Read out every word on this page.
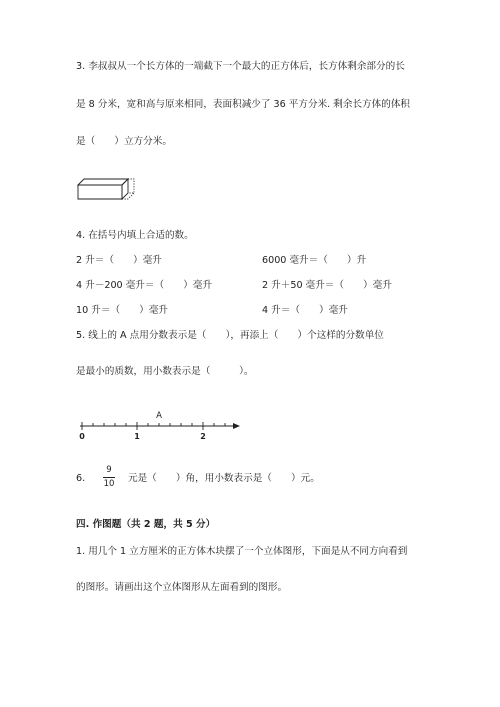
3. 李叔叔从一个长方体的一端截下一个最大的正方体后，长方体剩余部分的长
是 8 分米，宽和高与原来相同，表面积减少了 36 平方分米. 剩余长方体的体积
是（　　）立方分米。
4. 在括号内填上合适的数。
2 升＝（　　）毫升	6000 毫升＝（　　）升
4 升－200 毫升＝（　　）毫升	2 升＋50 毫升＝（　　）毫升
10 升＝（　　）毫升	4 升＝（　　）毫升
5. 线上的 A 点用分数表示是（　　），再添上（　　）个这样的分数单位
是最小的质数，用小数表示是（　　　）。
A
0	1	2
6.
9
10	元是（　　）角，用小数表示是（　　）元。
四. 作图题（共 2 题，共 5 分）
1. 用几个 1 立方厘米的正方体木块摆了一个立体图形，下面是从不同方向看到
的图形。请画出这个立体图形从左面看到的图形。
